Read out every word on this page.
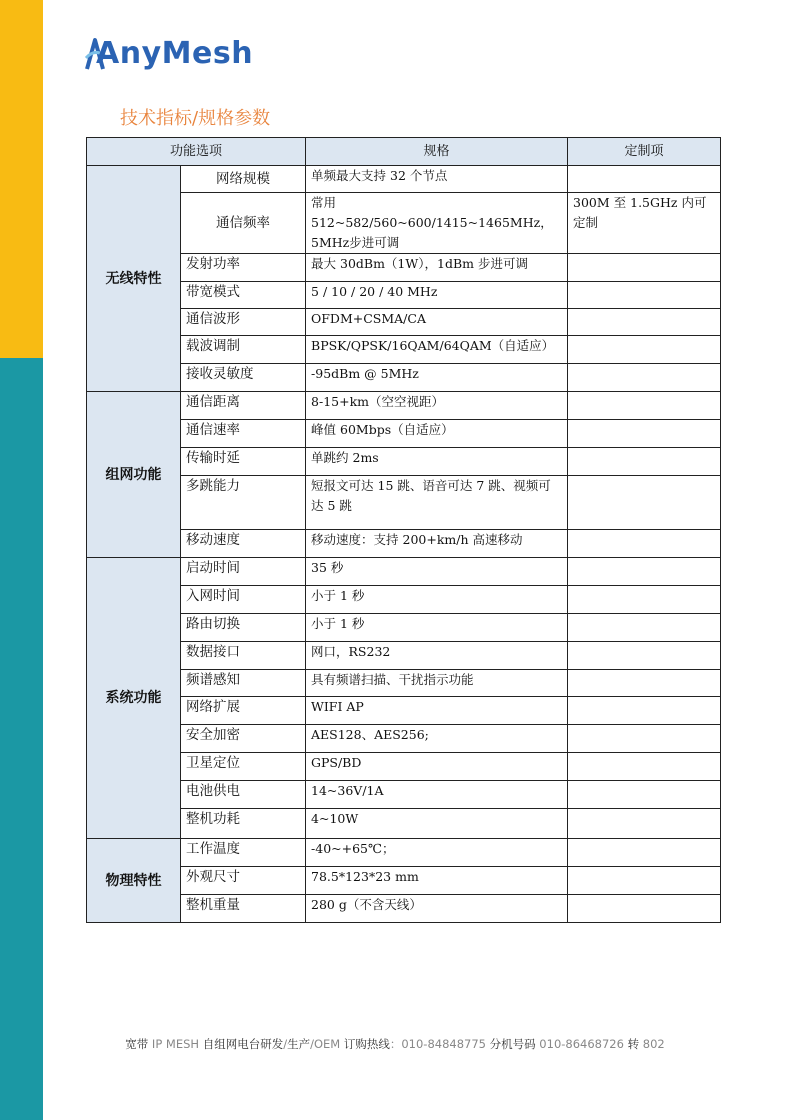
AnyMesh
技术指标/规格参数
功能选项		规格	定制项
无线特性	网络规模	单频最大支持 32 个节点	
	通信频率	常用512~582/560~600/1415~1465MHz，5MHz步进可调	300M 至 1.5GHz 内可定制
	发射功率	最大 30dBm（1W），1dBm 步进可调	
	带宽模式	5 / 10 / 20 / 40 MHz	
	通信波形	OFDM+CSMA/CA	
	载波调制	BPSK/QPSK/16QAM/64QAM（自适应）	
	接收灵敏度	-95dBm @ 5MHz	
组网功能	通信距离	8-15+km（空空视距）	
	通信速率	峰值 60Mbps（自适应）	
	传输时延	单跳约 2ms	
	多跳能力	短报文可达 15 跳、语音可达 7 跳、视频可达 5 跳	
	移动速度	移动速度：支持 200+km/h 高速移动	
系统功能	启动时间	35 秒	
	入网时间	小于 1 秒	
	路由切换	小于 1 秒	
	数据接口	网口，RS232	
	频谱感知	具有频谱扫描、干扰指示功能	
	网络扩展	WIFI AP	
	安全加密	AES128、AES256;	
	卫星定位	GPS/BD	
	电池供电	14~36V/1A	
	整机功耗	4~10W	
物理特性	工作温度	-40~+65℃；	
	外观尺寸	78.5*123*23 mm	
	整机重量	280 g（不含天线）	
宽带 IP MESH 自组网电台研发/生产/OEM 订购热线：010-84848775 分机号码 010-86468726 转 802
